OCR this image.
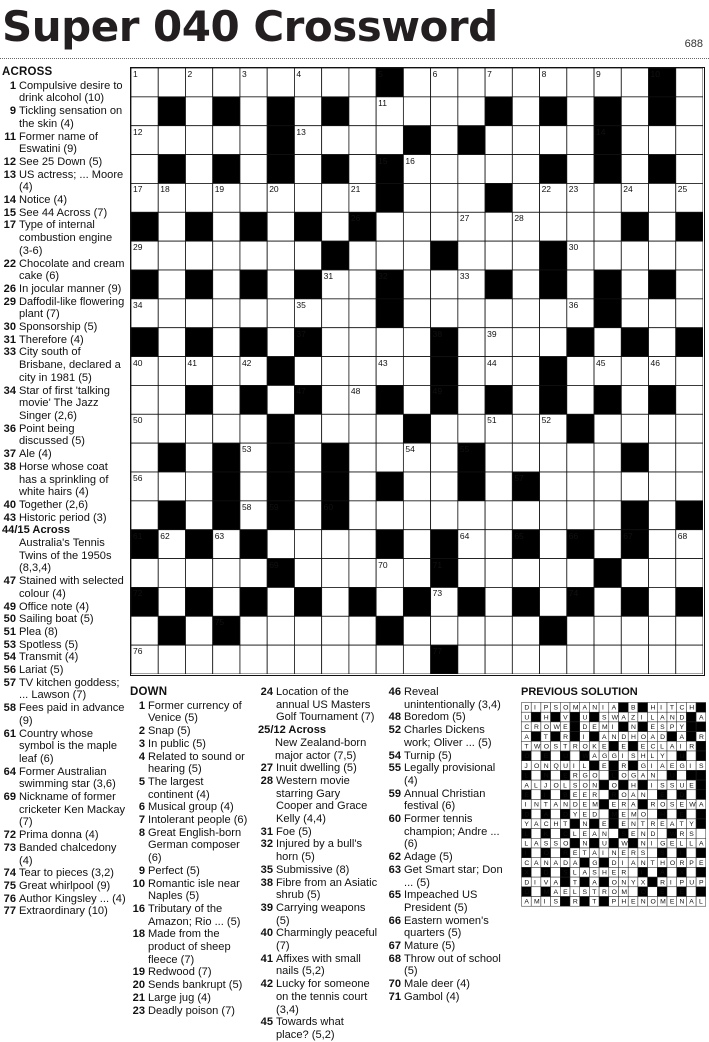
Super 040 Crossword	688
ACROSS
1 Compulsive desire to drink alcohol (10)
9 Tickling sensation on the skin (4)
11 Former name of Eswatini (9)
12 See 25 Down (5)
13 US actress; ... Moore (4)
14 Notice (4)
15 See 44 Across (7)
17 Type of internal combustion engine (3-6)
22 Chocolate and cream cake (6)
26 In jocular manner (9)
29 Daffodil-like flowering plant (7)
30 Sponsorship (5)
31 Therefore (4)
33 City south of Brisbane, declared a city in 1981 (5)
34 Star of first 'talking movie' The Jazz Singer (2,6)
36 Point being discussed (5)
37 Ale (4)
38 Horse whose coat has a sprinkling of white hairs (4)
40 Together (2,6)
43 Historic period (3)
44/15 Across
Australia's Tennis Twins of the 1950s (8,3,4)
47 Stained with selected colour (4)
49 Office note (4)
50 Sailing boat (5)
51 Plea (8)
53 Spotless (5)
54 Transmit (4)
56 Lariat (5)
57 TV kitchen goddess; ... Lawson (7)
58 Fees paid in advance (9)
61 Country whose symbol is the maple leaf (6)
64 Former Australian swimming star (3,6)
69 Nickname of former cricketer Ken Mackay (7)
72 Prima donna (4)
73 Banded chalcedony (4)
74 Tear to pieces (3,2)
75 Great whirlpool (9)
76 Author Kingsley ... (4)
77 Extraordinary (10)
1	2	3	4	5	6	7	8	9	10
11
12	13	14
15 16
17 18	19	20	21	22 23	24	25
26	27	28
29	30
31	32	33
34	35	36
37	38	39
40	41	42	43	44	45	46
47	48	49
50	51	52
53	54	55
56	57
58 59	60
61 62	63	64	65	66	67	68
69	70	71
72	73	74
75
76	77
DOWN
1 Former currency of Venice (5)
2 Snap (5)
3 In public (5)
4 Related to sound or hearing (5)
5 The largest continent (4)
6 Musical group (4)
7 Intolerant people (6)
8 Great English-born German composer (6)
9 Perfect (5)
10 Romantic isle near Naples (5)
16 Tributary of the Amazon; Rio ... (5)
18 Made from the product of sheep fleece (7)
19 Redwood (7)
20 Sends bankrupt (5)
21 Large jug (4)
23 Deadly poison (7)
24 Location of the annual US Masters Golf Tournament (7)
25/12 Across
New Zealand-born major actor (7,5)
27 Inuit dwelling (5)
28 Western movie starring Gary Cooper and Grace Kelly (4,4)
31 Foe (5)
32 Injured by a bull's horn (5)
35 Submissive (8)
38 Fibre from an Asiatic shrub (5)
39 Carrying weapons (5)
40 Charmingly peaceful (7)
41 Affixes with small nails (5,2)
42 Lucky for someone on the tennis court (3,4)
45 Towards what place? (5,2)
46 Reveal unintentionally (3,4)
48 Boredom (5)
52 Charles Dickens work; Oliver ... (5)
54 Turnip (5)
55 Legally provisional (4)
59 Annual Christian festival (6)
60 Former tennis champion; Andre ... (6)
62 Adage (5)
63 Get Smart star; Don ... (5)
65 Impeached US President (5)
66 Eastern women's quarters (5)
67 Mature (5)
68 Throw out of school (5)
70 Male deer (4)
71 Gambol (4)
PREVIOUS SOLUTION
DIPSOMANIA B HITCH
U H V U SWAZILAND A
CROWE DEMI N ESPY
A T R I ANDHOAD A R
TWOSTROKE E ECLAIR
O E U WAGGISHLY U
JONQUIL E R GIAEGIS
L N ERGO LOGAN U
ALJOLSON O H ISSUE
E I BEER ROAN E D
INTANDEM ERA ROSEWA
D A DYED MEMO H E
YACHT N E ENTREATY
L K CLEAN SEND WRS
LASSO N U W NIGELLA
I O RETAINERS S I
CANADA G DIANTHORPE
X D SLASHER I A X
DIVA T A ONYX RIPUP
O MAELSTROM O E E
AMIS R T PHENOMENAL
